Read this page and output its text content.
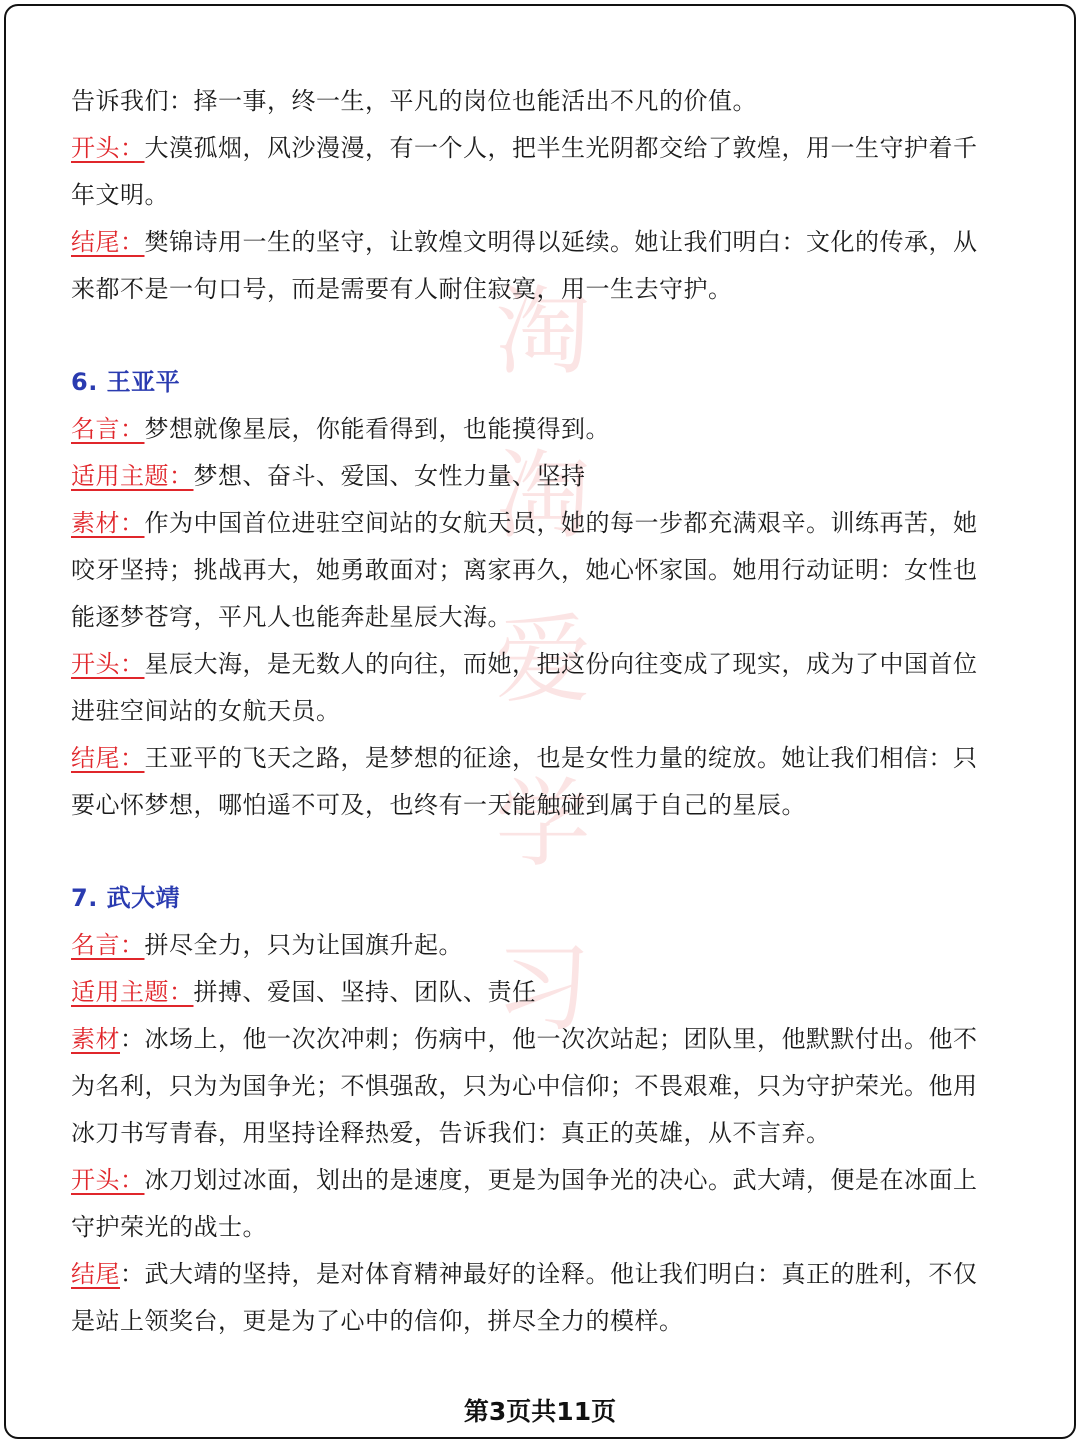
淘
淘
爱
学
习
告诉我们：择一事，终一生，平凡的岗位也能活出不凡的价值。
开头：大漠孤烟，风沙漫漫，有一个人，把半生光阴都交给了敦煌，用一生守护着千
年文明。
结尾：樊锦诗用一生的坚守，让敦煌文明得以延续。她让我们明白：文化的传承，从
来都不是一句口号，而是需要有人耐住寂寞，用一生去守护。
6. 王亚平
名言：梦想就像星辰，你能看得到，也能摸得到。
适用主题：梦想、奋斗、爱国、女性力量、坚持
素材：作为中国首位进驻空间站的女航天员，她的每一步都充满艰辛。训练再苦，她
咬牙坚持；挑战再大，她勇敢面对；离家再久，她心怀家国。她用行动证明：女性也
能逐梦苍穹，平凡人也能奔赴星辰大海。
开头：星辰大海，是无数人的向往，而她，把这份向往变成了现实，成为了中国首位
进驻空间站的女航天员。
结尾：王亚平的飞天之路，是梦想的征途，也是女性力量的绽放。她让我们相信：只
要心怀梦想，哪怕遥不可及，也终有一天能触碰到属于自己的星辰。
7. 武大靖
名言：拼尽全力，只为让国旗升起。
适用主题：拼搏、爱国、坚持、团队、责任
素材：冰场上，他一次次冲刺；伤病中，他一次次站起；团队里，他默默付出。他不
为名利，只为为国争光；不惧强敌，只为心中信仰；不畏艰难，只为守护荣光。他用
冰刀书写青春，用坚持诠释热爱，告诉我们：真正的英雄，从不言弃。
开头：冰刀划过冰面，划出的是速度，更是为国争光的决心。武大靖，便是在冰面上
守护荣光的战士。
结尾：武大靖的坚持，是对体育精神最好的诠释。他让我们明白：真正的胜利，不仅
是站上领奖台，更是为了心中的信仰，拼尽全力的模样。
第3页共11页
